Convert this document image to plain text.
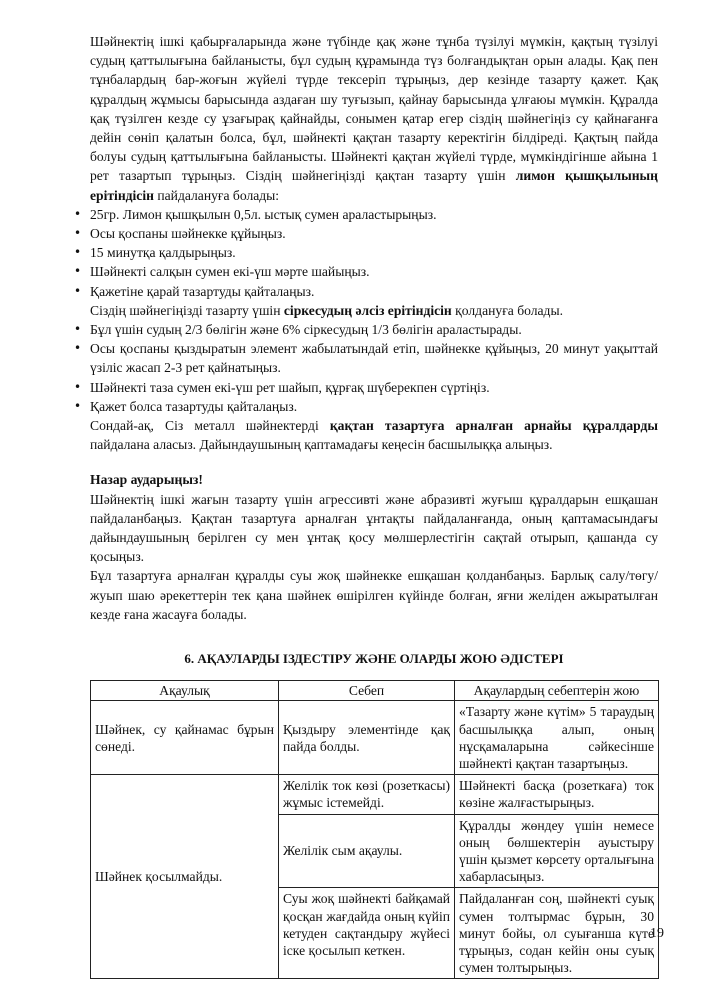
Шәйнектің ішкі қабырғаларында және түбінде қақ және тұнба түзілуі мүмкін, қақтың түзілуі судың қаттылығына байланысты, бұл судың құрамында түз болғандықтан орын алады. Қақ пен тұнбалардың бар-жоғын жүйелі түрде тексеріп тұрыңыз, дер кезінде тазарту қажет. Қақ құралдың жұмысы барысында аздаған шу туғызып, қайнау барысында ұлғаюы мүмкін. Құралда қақ түзілген кезде су ұзағырақ қайнайды, сонымен қатар егер сіздің шәйнегіңіз су қайнағанға дейін сөніп қалатын болса, бұл, шәйнекті қақтан тазарту керектігін білдіреді. Қақтың пайда болуы судың қаттылығына байланысты. Шәйнекті қақтан жүйелі түрде, мүмкіндігінше айына 1 рет тазартып тұрыңыз. Сіздің шәйнегіңізді қақтан тазарту үшін лимон қышқылының ерітіндісін пайдалануға болады:

• 25гр. Лимон қышқылын 0,5л. ыстық сумен араластырыңыз.
• Осы қоспаны шәйнекке құйыңыз.
• 15 минутқа қалдырыңыз.
• Шәйнекті салқын сумен екі-үш мәрте шайыңыз.
• Қажетіне қарай тазартуды қайталаңыз.

Сіздің шәйнегіңізді тазарту үшін сіркесудың әлсіз ерітіндісін қолдануға болады.

• Бұл үшін судың 2/3 бөлігін және 6% сіркесудың 1/3 бөлігін араластырады.
• Осы қоспаны қыздыратын элемент жабылатындай етіп, шәйнекке құйыңыз, 20 минут уақыттай үзіліс жасап 2-3 рет қайнатыңыз.
• Шәйнекті таза сумен екі-үш рет шайып, құрғақ шүберекпен сүртіңіз.
• Қажет болса тазартуды қайталаңыз.

Сондай-ақ, Сіз металл шәйнектерді қақтан тазартуға арналған арнайы құралдарды пайдалана аласыз. Дайындаушының қаптамадағы кеңесін басшылыққа алыңыз.

Назар аударыңыз!

Шәйнектің ішкі жағын тазарту үшін агрессивті және абразивті жуғыш құралдарын ешқашан пайдаланбаңыз. Қақтан тазартуға арналған ұнтақты пайдаланғанда, оның қаптамасындағы дайындаушының берілген су мен ұнтақ қосу мөлшерлестігін сақтай отырып, қашанда су қосыңыз.

Бұл тазартуға арналған құралды суы жоқ шәйнекке ешқашан қолданбаңыз. Барлық салу/төгу/жуып шаю әрекеттерін тек қана шәйнек өшірілген күйінде болған, яғни желіден ажыратылған кезде ғана жасауға болады.

6. АҚАУЛАРДЫ ІЗДЕСТІРУ ЖӘНЕ ОЛАРДЫ ЖОЮ ӘДІСТЕРІ
Ақаулық	Себеп	Ақаулардың себептерін жою
Шәйнек, су қайнамас бұрын сөнеді.	Қыздыру элементінде қақ пайда болды.	«Тазарту және күтім» 5 тараудың басшылыққа алып, оның нұсқамаларына сәйкесінше шәйнекті қақтан тазартыңыз.
Шәйнек қосылмайды.	Желілік ток көзі (розеткасы) жұмыс істемейді.	Шәйнекті басқа (розеткаға) ток көзіне жалғастырыңыз.
	Желілік сым ақаулы.	Құралды жөндеу үшін немесе оның бөлшектерін ауыстыру үшін қызмет көрсету орталығына хабарласыңыз.
	Суы жоқ шәйнекті байқамай қосқан жағдайда оның күйіп кетуден сақтандыру жүйесі іске қосылып кеткен.	Пайдаланған соң, шәйнекті суық сумен толтырмас бұрын, 30 минут бойы, ол суығанша күте тұрыңыз, содан кейін оны суық сумен толтырыңыз.
19
